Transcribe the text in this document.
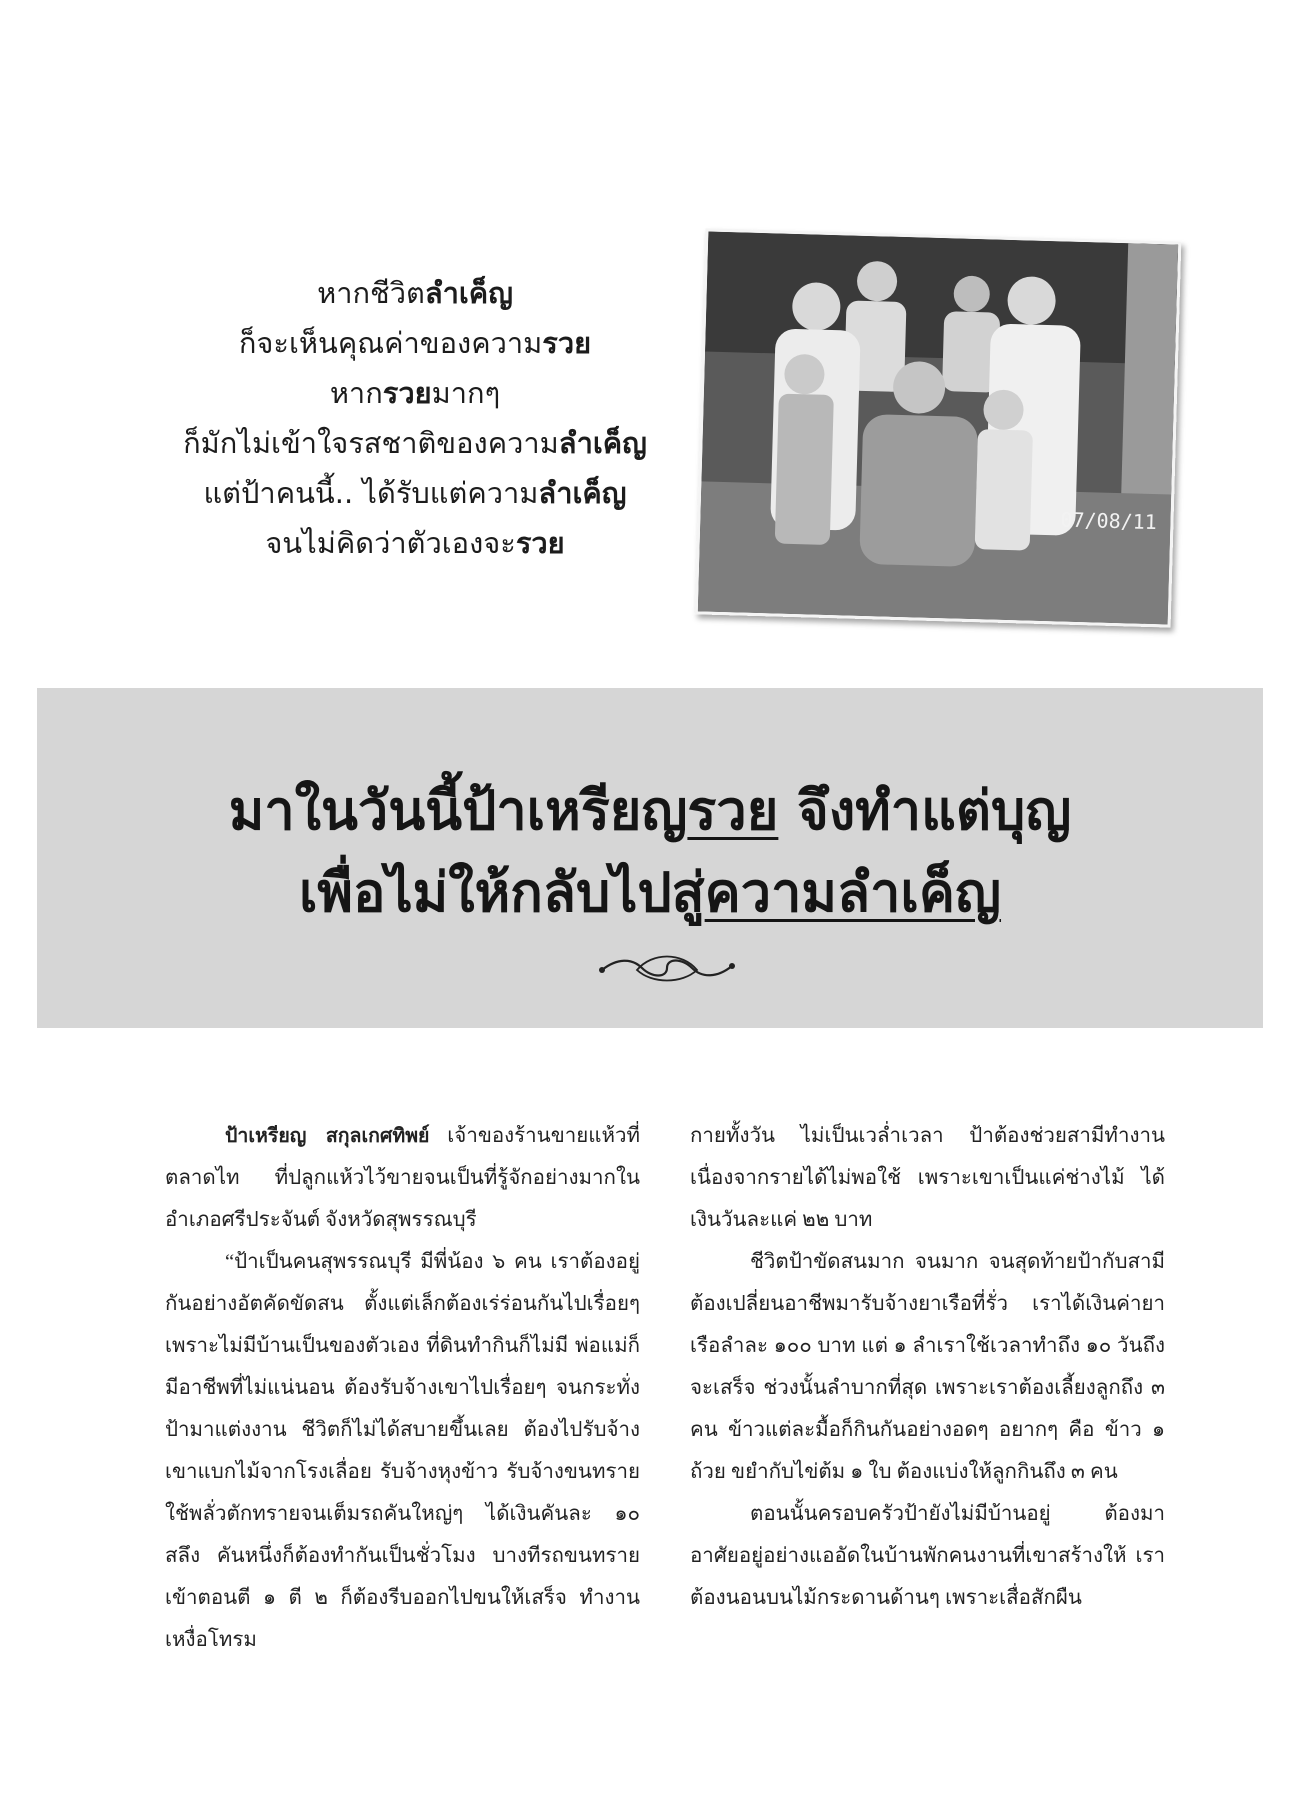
หากชีวิตลำเค็ญ
ก็จะเห็นคุณค่าของความรวย
หากรวยมากๆ
ก็มักไม่เข้าใจรสชาติของความลำเค็ญ
แต่ป้าคนนี้.. ได้รับแต่ความลำเค็ญ
จนไม่คิดว่าตัวเองจะรวย
07/08/11
มาในวันนี้ป้าเหรียญรวย จึงทำแต่บุญ
เพื่อไม่ให้กลับไปสู่ความลำเค็ญ

ป้าเหรียญ สกุลเกศทิพย์ เจ้าของร้านขายแห้วที่ตลาดไท ที่ปลูกแห้วไว้ขายจนเป็นที่รู้จักอย่างมากในอำเภอศรีประจันต์ จังหวัดสุพรรณบุรี

“ป้าเป็นคนสุพรรณบุรี มีพี่น้อง ๖ คน เราต้องอยู่กันอย่างอัตคัดขัดสน ตั้งแต่เล็กต้องเร่ร่อนกันไปเรื่อยๆ เพราะไม่มีบ้านเป็นของตัวเอง ที่ดินทำกินก็ไม่มี พ่อแม่ก็มีอาชีพที่ไม่แน่นอน ต้องรับจ้างเขาไปเรื่อยๆ จนกระทั่งป้ามาแต่งงาน ชีวิตก็ไม่ได้สบายขึ้นเลย ต้องไปรับจ้างเขาแบกไม้จากโรงเลื่อย รับจ้างหุงข้าว รับจ้างขนทราย ใช้พลั่วตักทรายจนเต็มรถคันใหญ่ๆ ได้เงินคันละ ๑๐ สลึง คันหนึ่งก็ต้องทำกันเป็นชั่วโมง บางทีรถขนทรายเข้าตอนตี ๑ ตี ๒ ก็ต้องรีบออกไปขนให้เสร็จ ทำงานเหงื่อโทรม

กายทั้งวัน ไม่เป็นเวล่ำเวลา ป้าต้องช่วยสามีทำงานเนื่องจากรายได้ไม่พอใช้ เพราะเขาเป็นแค่ช่างไม้ ได้เงินวันละแค่ ๒๒ บาท

ชีวิตป้าขัดสนมาก จนมาก จนสุดท้ายป้ากับสามีต้องเปลี่ยนอาชีพมารับจ้างยาเรือที่รั่ว เราได้เงินค่ายาเรือลำละ ๑๐๐ บาท แต่ ๑ ลำเราใช้เวลาทำถึง ๑๐ วันถึงจะเสร็จ ช่วงนั้นลำบากที่สุด เพราะเราต้องเลี้ยงลูกถึง ๓ คน ข้าวแต่ละมื้อก็กินกันอย่างอดๆ อยากๆ คือ ข้าว ๑ ถ้วย ขยำกับไข่ต้ม ๑ ใบ ต้องแบ่งให้ลูกกินถึง ๓ คน

ตอนนั้นครอบครัวป้ายังไม่มีบ้านอยู่ ต้องมาอาศัยอยู่อย่างแออัดในบ้านพักคนงานที่เขาสร้างให้ เราต้องนอนบนไม้กระดานด้านๆ เพราะเสื่อสักผืน
